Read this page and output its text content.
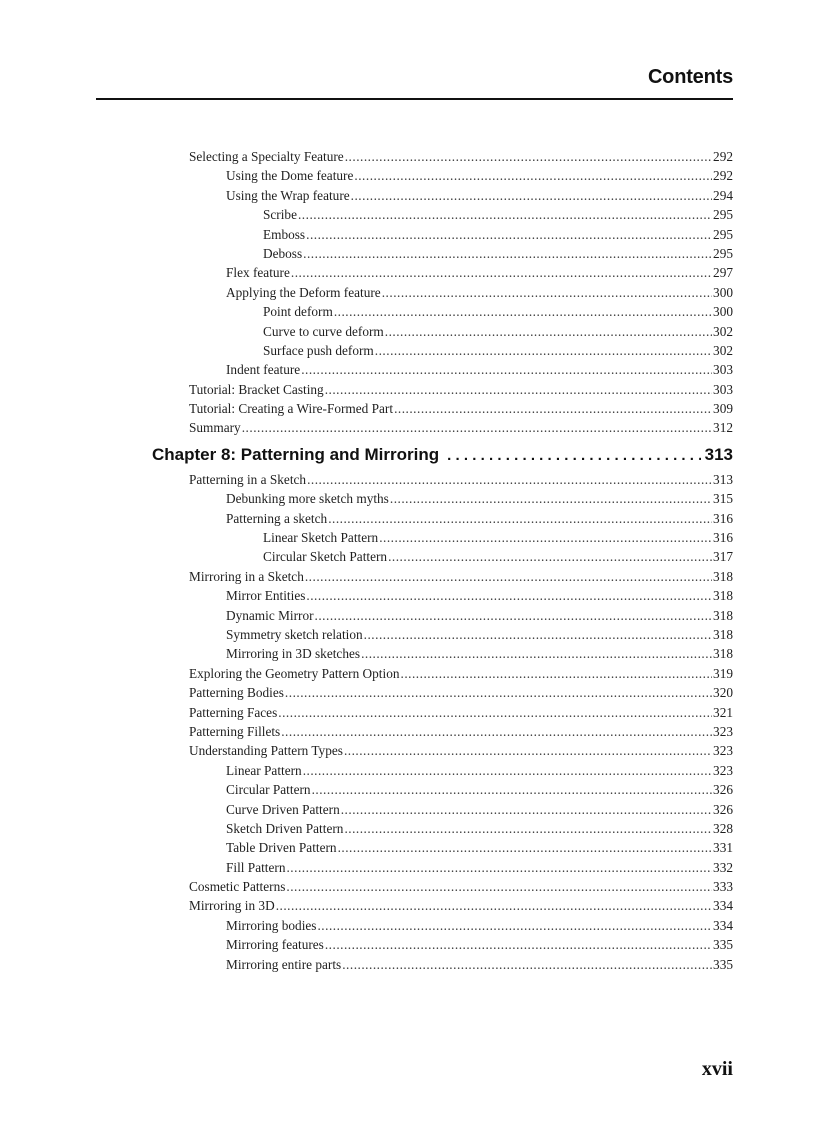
Contents
Selecting a Specialty Feature .....	292
Using the Dome feature .....	292
Using the Wrap feature .....	294
Scribe .....	295
Emboss .....	295
Deboss .....	295
Flex feature .....	297
Applying the Deform feature .....	300
Point deform .....	300
Curve to curve deform .....	302
Surface push deform .....	302
Indent feature .....	303
Tutorial: Bracket Casting .....	303
Tutorial: Creating a Wire-Formed Part .....	309
Summary .....	312
Chapter 8: Patterning and Mirroring .....	313
Patterning in a Sketch .....	313
Debunking more sketch myths .....	315
Patterning a sketch .....	316
Linear Sketch Pattern .....	316
Circular Sketch Pattern .....	317
Mirroring in a Sketch .....	318
Mirror Entities .....	318
Dynamic Mirror .....	318
Symmetry sketch relation .....	318
Mirroring in 3D sketches .....	318
Exploring the Geometry Pattern Option .....	319
Patterning Bodies .....	320
Patterning Faces .....	321
Patterning Fillets .....	323
Understanding Pattern Types .....	323
Linear Pattern .....	323
Circular Pattern .....	326
Curve Driven Pattern .....	326
Sketch Driven Pattern .....	328
Table Driven Pattern .....	331
Fill Pattern .....	332
Cosmetic Patterns .....	333
Mirroring in 3D .....	334
Mirroring bodies .....	334
Mirroring features .....	335
Mirroring entire parts .....	335
xvii
